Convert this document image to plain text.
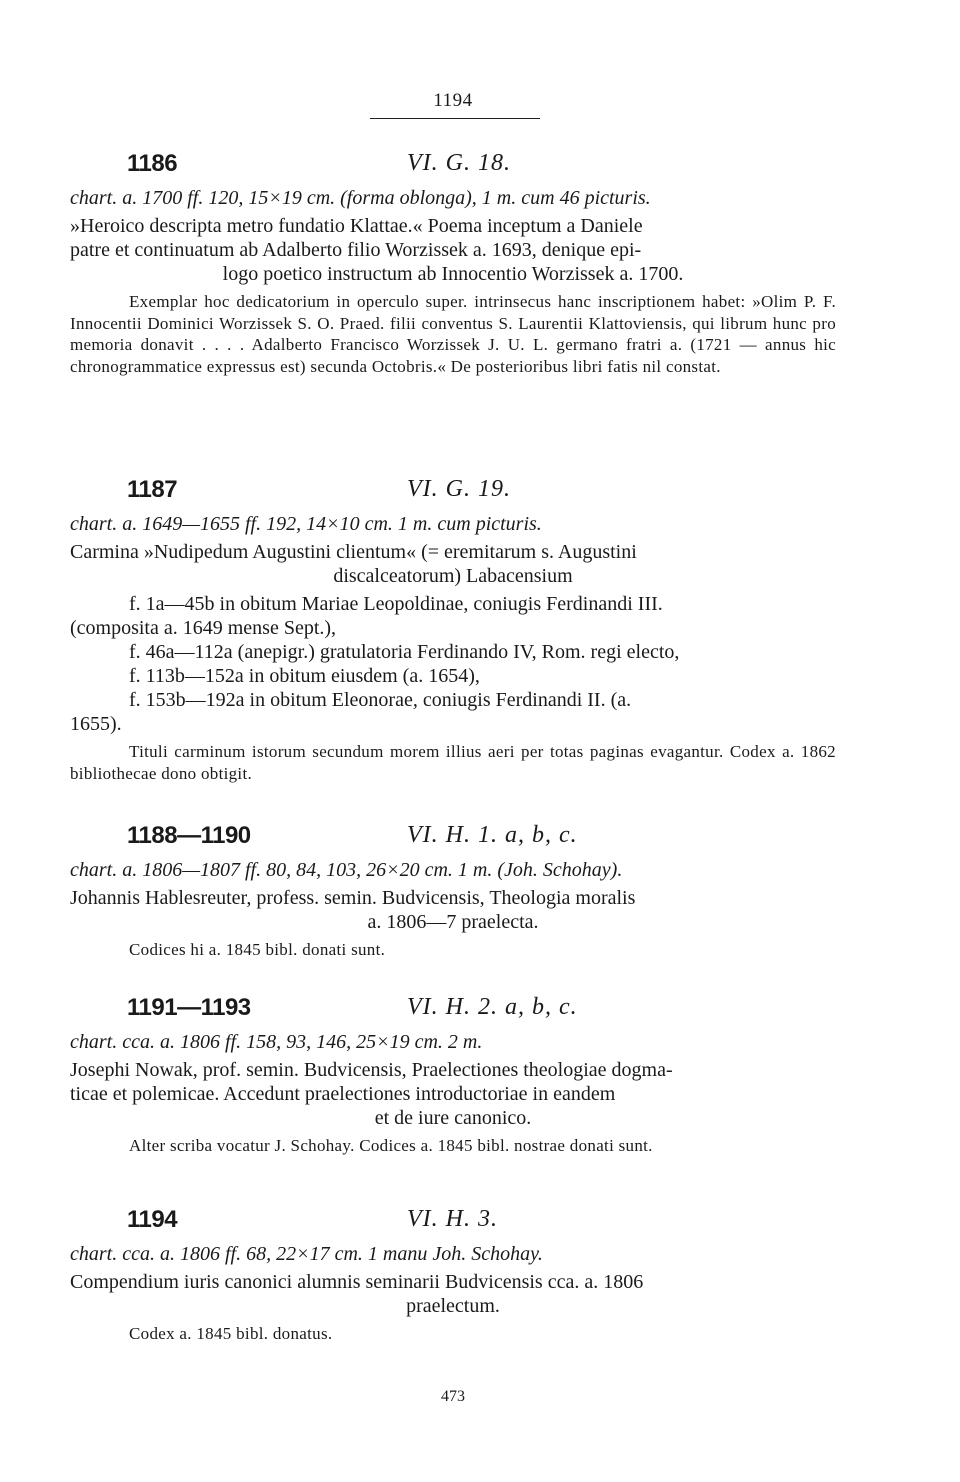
1194
1186	VI. G. 18.
chart. a. 1700 ff. 120, 15×19 cm. (forma oblonga), 1 m. cum 46 picturis.
»Heroico descripta metro fundatio Klattae.« Poema inceptum a Daniele
patre et continuatum ab Adalberto filio Worzissek a. 1693, denique epi-
logo poetico instructum ab Innocentio Worzissek a. 1700.
Exemplar hoc dedicatorium in operculo super. intrinsecus hanc inscriptionem habet: »Olim P. F. Innocentii Dominici Worzissek S. O. Praed. filii conventus S. Laurentii Klattoviensis, qui librum hunc pro memoria donavit . . . . Adalberto Francisco Worzissek J. U. L. germano fratri a. (1721 — annus hic chronogrammatice expressus est) secunda Octobris.« De posterioribus libri fatis nil constat.
1187	VI. G. 19.
chart. a. 1649—1655 ff. 192, 14×10 cm. 1 m. cum picturis.
Carmina »Nudipedum Augustini clientum« (= eremitarum s. Augustini
discalceatorum) Labacensium
f. 1a—45b in obitum Mariae Leopoldinae, coniugis Ferdinandi III.
(composita a. 1649 mense Sept.),
f. 46a—112a (anepigr.) gratulatoria Ferdinando IV, Rom. regi electo,
f. 113b—152a in obitum eiusdem (a. 1654),
f. 153b—192a in obitum Eleonorae, coniugis Ferdinandi II. (a.
1655).
Tituli carminum istorum secundum morem illius aeri per totas paginas evagantur. Codex a. 1862 bibliothecae dono obtigit.
1188—1190	VI. H. 1. a, b, c.
chart. a. 1806—1807 ff. 80, 84, 103, 26×20 cm. 1 m. (Joh. Schohay).
Johannis Hablesreuter, profess. semin. Budvicensis, Theologia moralis
a. 1806—7 praelecta.
Codices hi a. 1845 bibl. donati sunt.
1191—1193	VI. H. 2. a, b, c.
chart. cca. a. 1806 ff. 158, 93, 146, 25×19 cm. 2 m.
Josephi Nowak, prof. semin. Budvicensis, Praelectiones theologiae dogma-
ticae et polemicae. Accedunt praelectiones introductoriae in eandem
et de iure canonico.
Alter scriba vocatur J. Schohay. Codices a. 1845 bibl. nostrae donati sunt.
1194	VI. H. 3.
chart. cca. a. 1806 ff. 68, 22×17 cm. 1 manu Joh. Schohay.
Compendium iuris canonici alumnis seminarii Budvicensis cca. a. 1806
praelectum.
Codex a. 1845 bibl. donatus.
473
